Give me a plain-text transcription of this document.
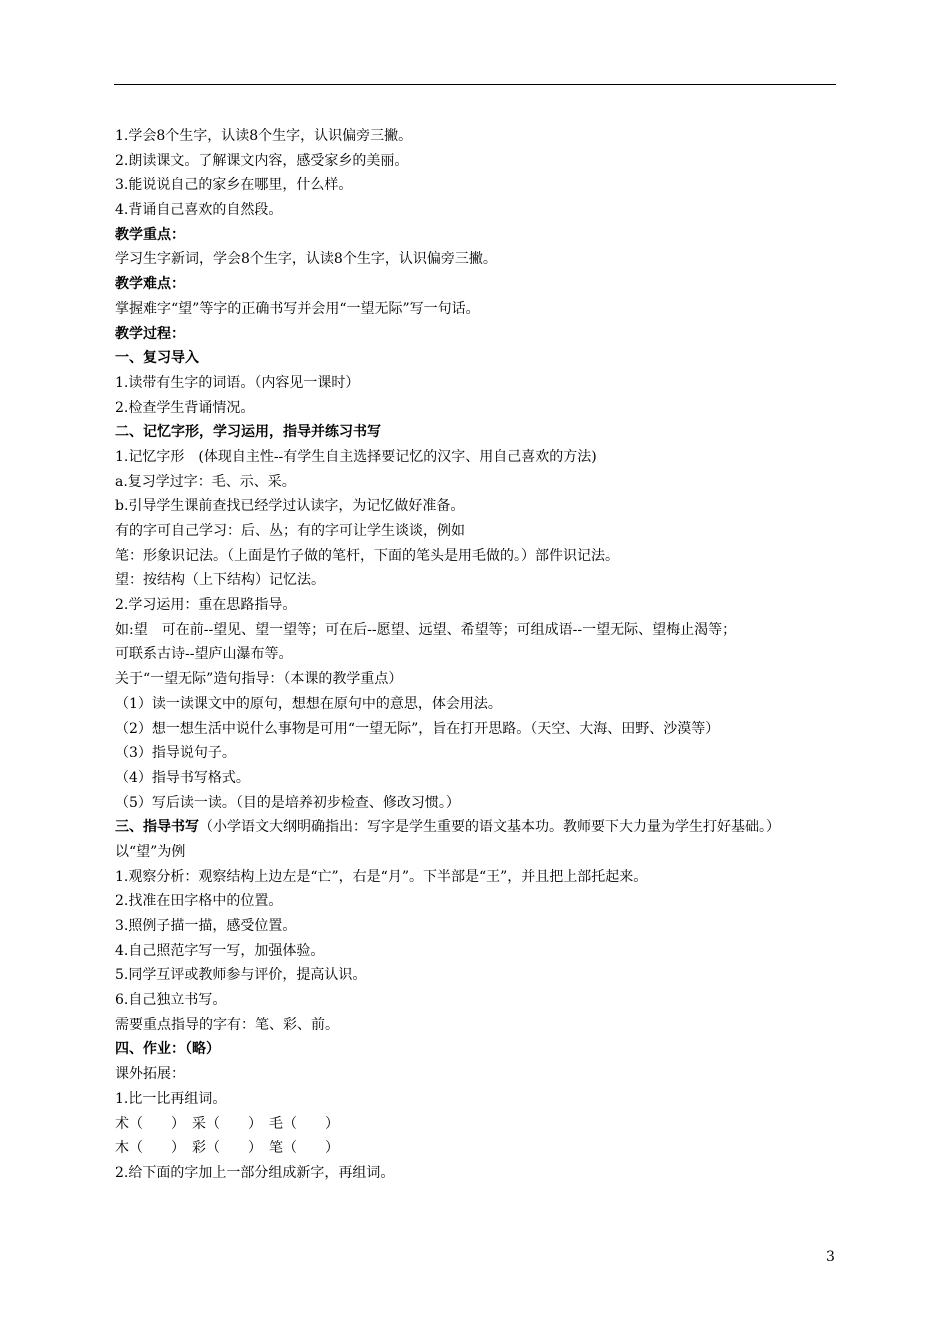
1.学会8个生字，认读8个生字，认识偏旁三撇。
2.朗读课文。了解课文内容，感受家乡的美丽。
3.能说说自己的家乡在哪里，什么样。
4.背诵自己喜欢的自然段。
教学重点：
学习生字新词，学会8个生字，认读8个生字，认识偏旁三撇。
教学难点：
掌握难字“望”等字的正确书写并会用“一望无际”写一句话。
教学过程：
一、复习导入
1.读带有生字的词语。（内容见一课时）
2.检查学生背诵情况。
二、记忆字形，学习运用，指导并练习书写
1.记忆字形　(体现自主性--有学生自主选择要记忆的汉字、用自己喜欢的方法)
a.复习学过字：毛、示、采。
b.引导学生课前查找已经学过认读字，为记忆做好准备。
有的字可自己学习：后、丛；有的字可让学生谈谈，例如
笔：形象识记法。（上面是竹子做的笔杆，下面的笔头是用毛做的。）部件识记法。
望：按结构（上下结构）记忆法。
2.学习运用：重在思路指导。
如:望　可在前--望见、望一望等；可在后--愿望、远望、希望等；可组成语--一望无际、望梅止渴等；
可联系古诗--望庐山瀑布等。
关于“一望无际”造句指导：（本课的教学重点）
（1）读一读课文中的原句，想想在原句中的意思，体会用法。
（2）想一想生活中说什么事物是可用“一望无际”，旨在打开思路。（天空、大海、田野、沙漠等）
（3）指导说句子。
（4）指导书写格式。
（5）写后读一读。（目的是培养初步检查、修改习惯。）
三、指导书写（小学语文大纲明确指出：写字是学生重要的语文基本功。教师要下大力量为学生打好基础。）
以“望”为例
1.观察分析：观察结构上边左是“亡”，右是“月”。下半部是“王”，并且把上部托起来。
2.找准在田字格中的位置。
3.照例子描一描，感受位置。
4.自己照范字写一写，加强体验。
5.同学互评或教师参与评价，提高认识。
6.自己独立书写。
需要重点指导的字有：笔、彩、前。
四、作业：（略）
课外拓展：
1.比一比再组词。
术（　　）　采（　　）　毛（　　）
木（　　）　彩（　　）　笔（　　）
2.给下面的字加上一部分组成新字，再组词。
3
